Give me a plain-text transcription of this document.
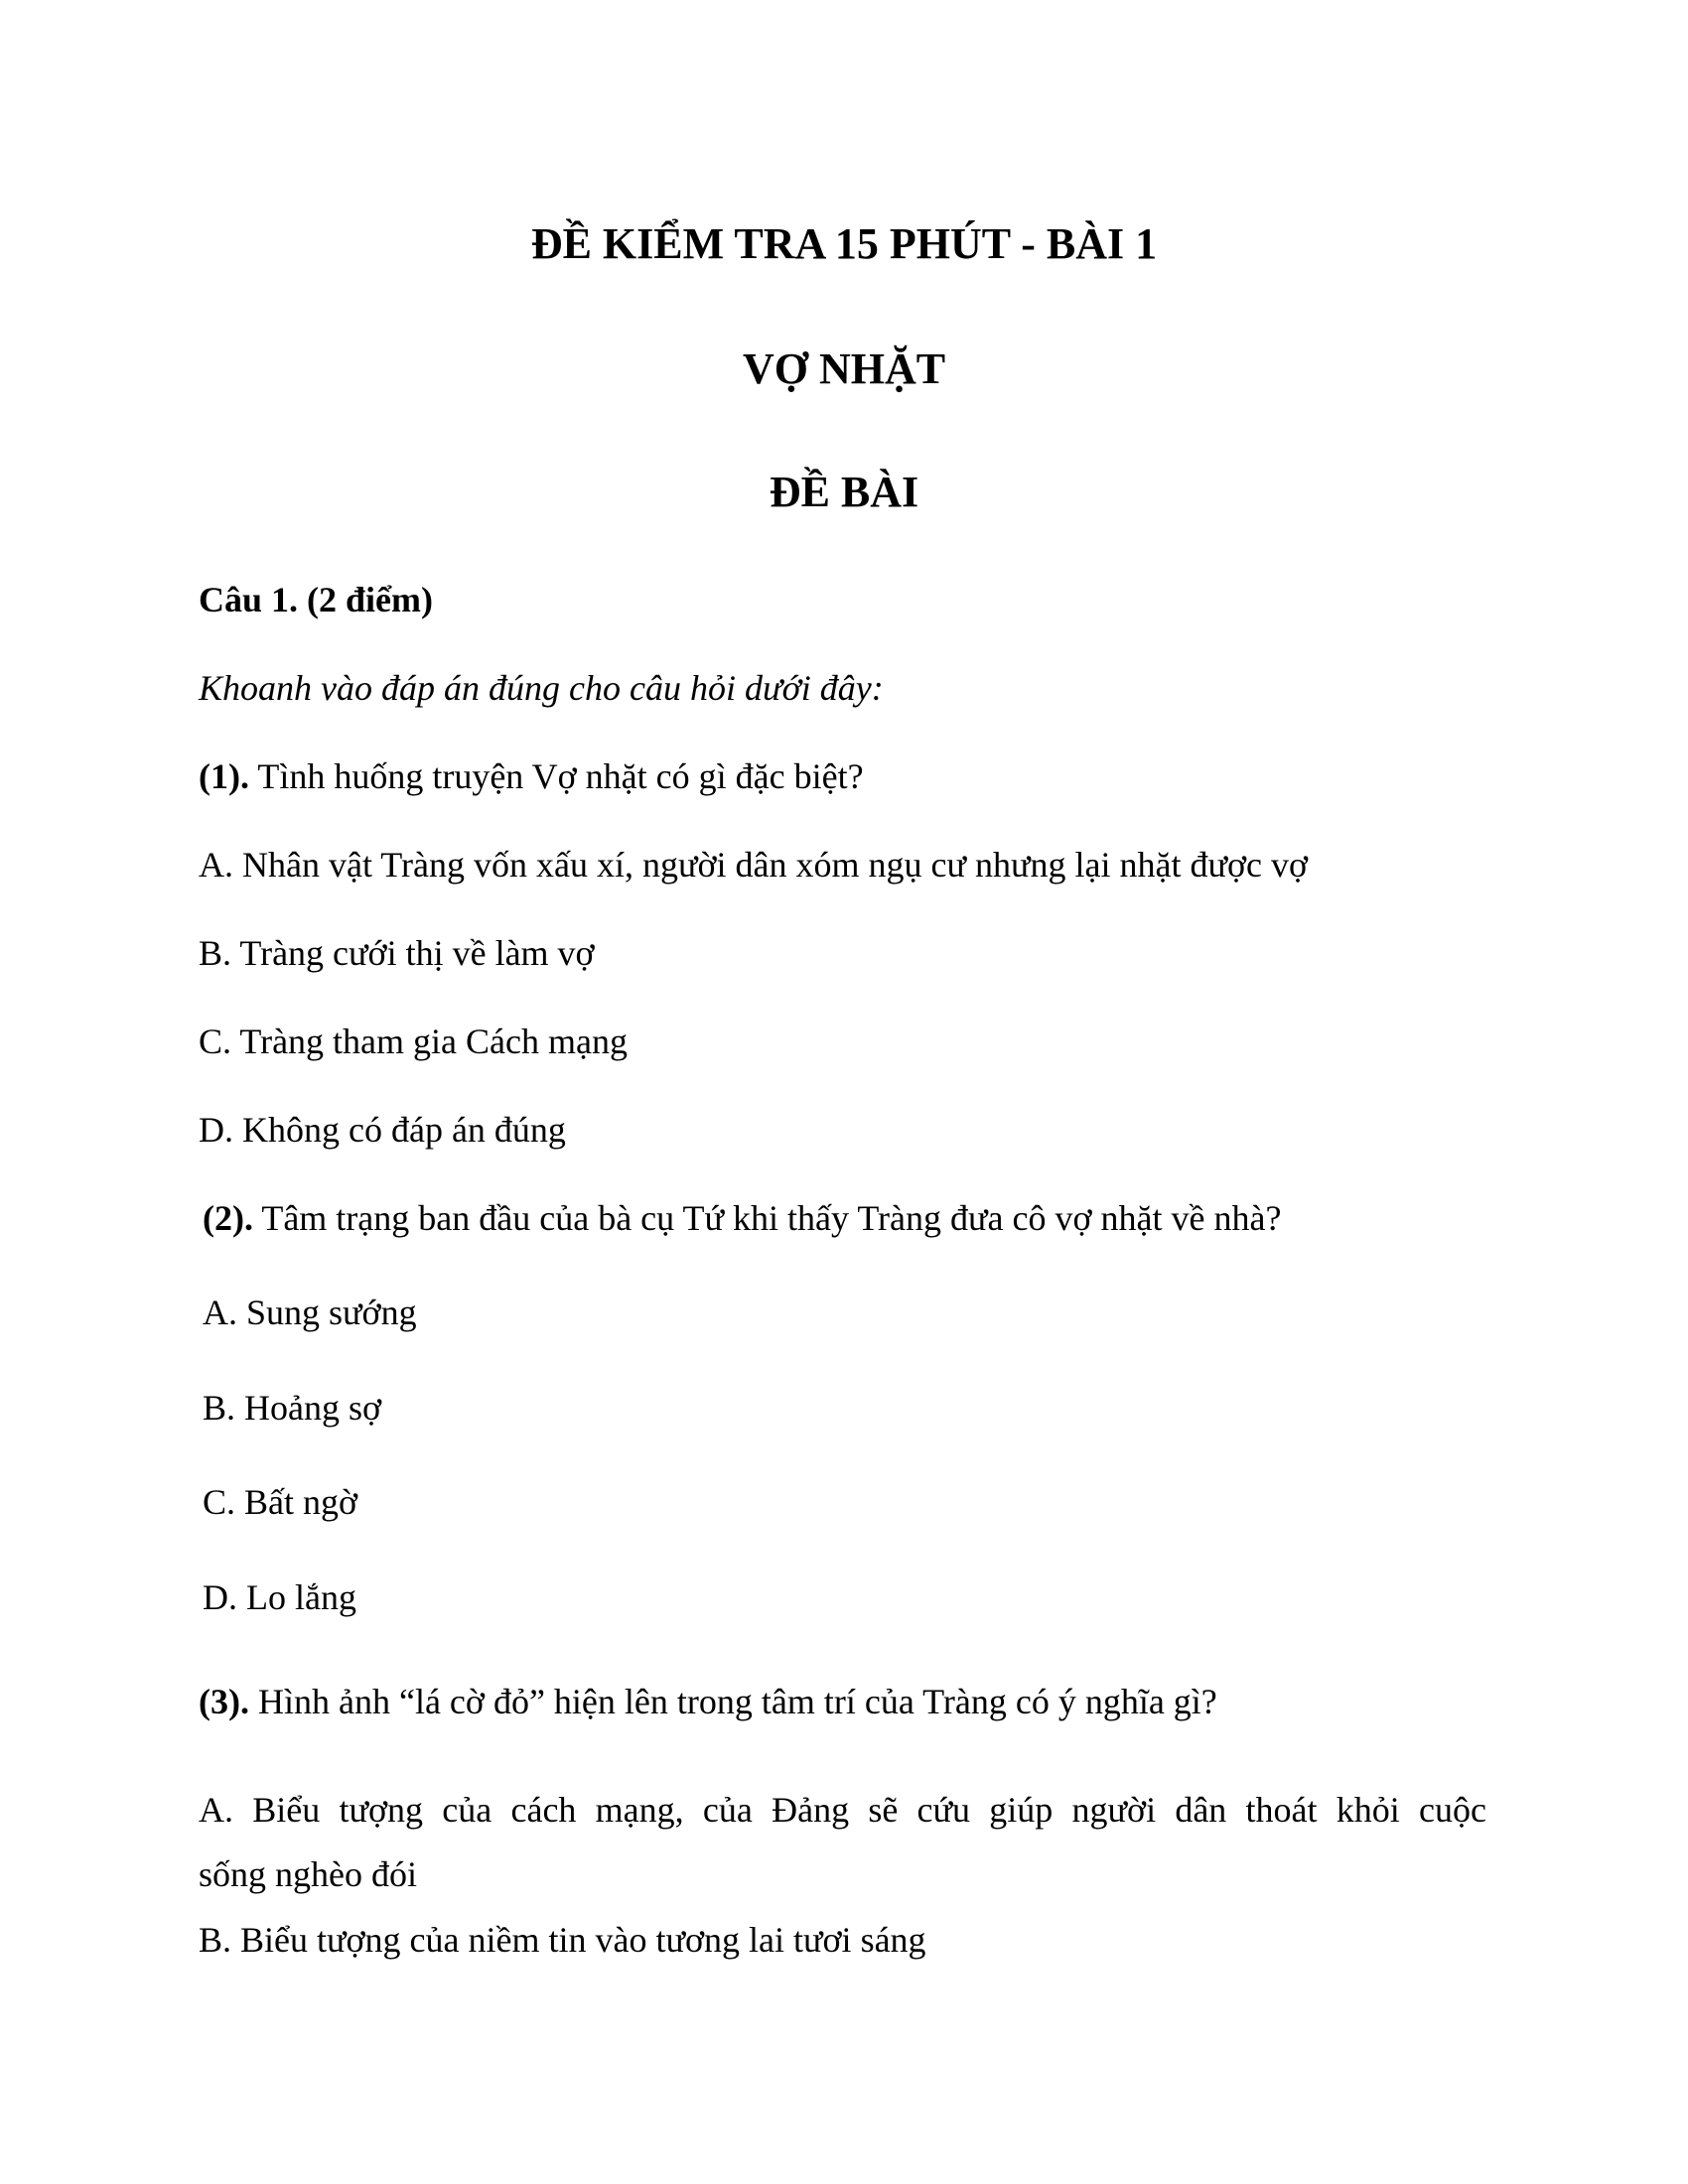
ĐỀ KIỂM TRA 15 PHÚT - BÀI 1
VỢ NHẶT
ĐỀ BÀI
Câu 1. (2 điểm)
Khoanh vào đáp án đúng cho câu hỏi dưới đây:
(1). Tình huống truyện Vợ nhặt có gì đặc biệt?
A. Nhân vật Tràng vốn xấu xí, người dân xóm ngụ cư nhưng lại nhặt được vợ
B. Tràng cưới thị về làm vợ
C. Tràng tham gia Cách mạng
D. Không có đáp án đúng
(2). Tâm trạng ban đầu của bà cụ Tứ khi thấy Tràng đưa cô vợ nhặt về nhà?
A. Sung sướng
B. Hoảng sợ
C. Bất ngờ
D. Lo lắng
(3). Hình ảnh “lá cờ đỏ” hiện lên trong tâm trí của Tràng có ý nghĩa gì?
A. Biểu tượng của cách mạng, của Đảng sẽ cứu giúp người dân thoát khỏi cuộc
sống nghèo đói
B. Biểu tượng của niềm tin vào tương lai tươi sáng
